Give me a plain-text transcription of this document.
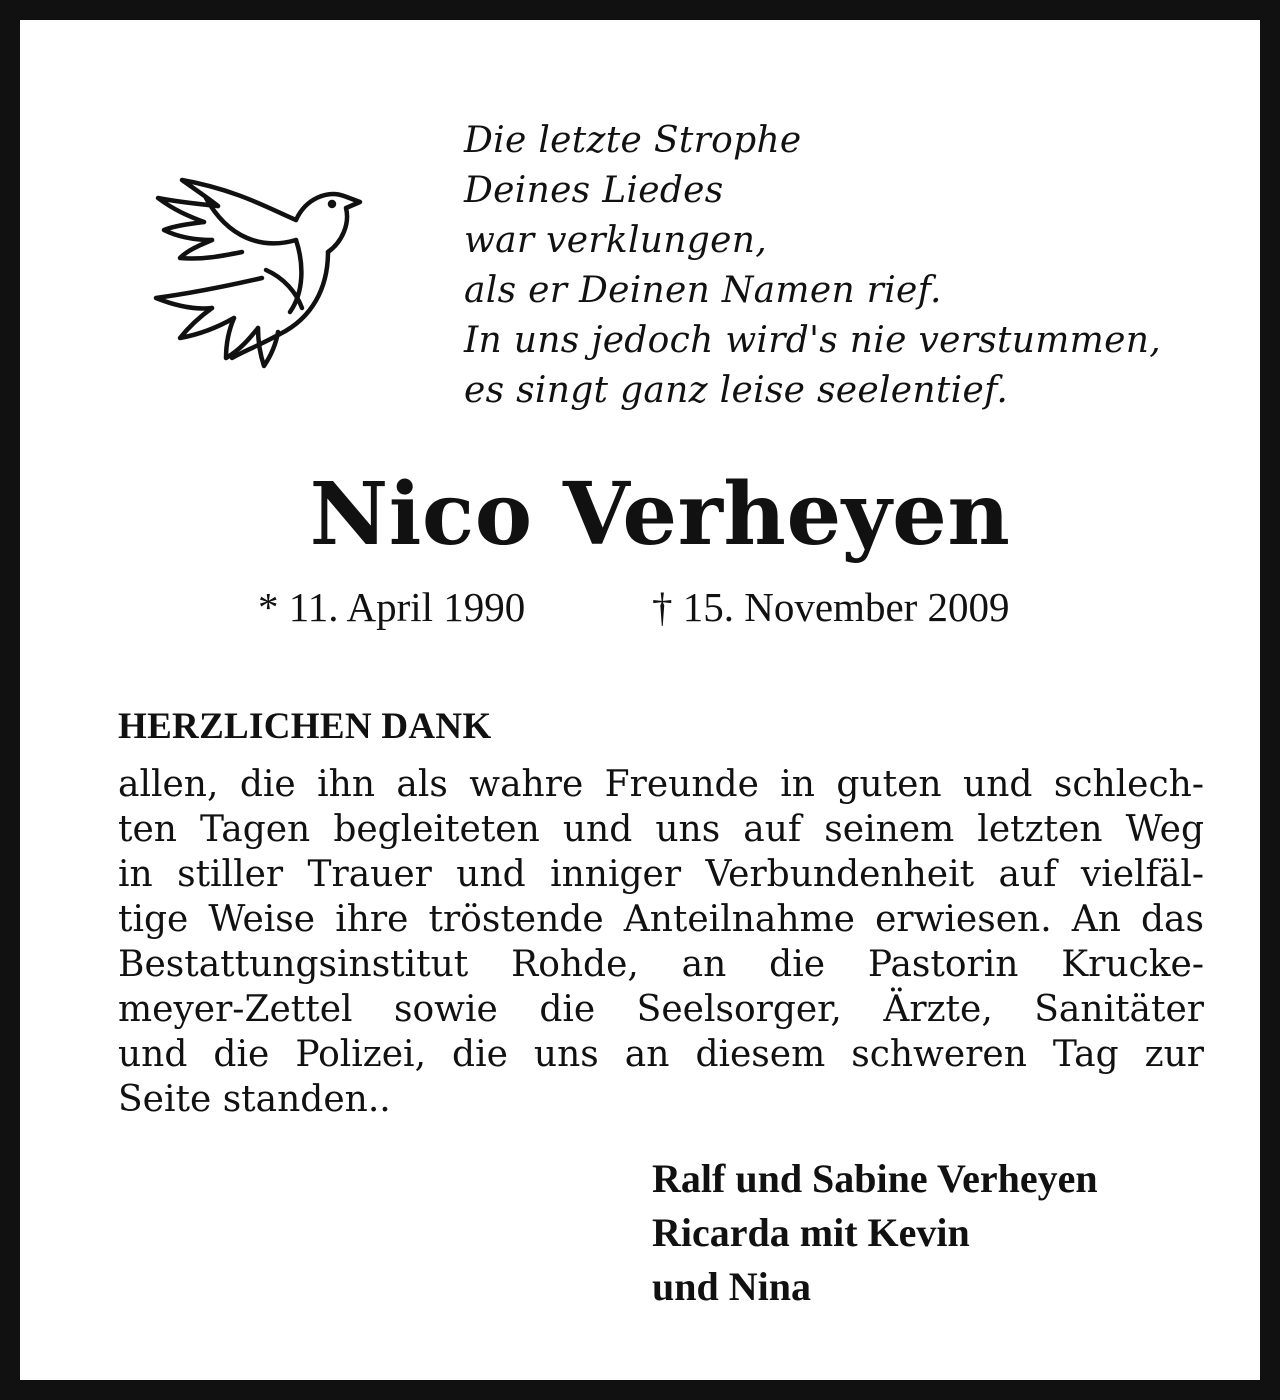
Die letzte Strophe
Deines Liedes
war verklungen,
als er Deinen Namen rief.
In uns jedoch wird's nie verstummen,
es singt ganz leise seelentief.
Nico Verheyen
* 11. April 1990	† 15. November 2009
HERZLICHEN DANK
allen, die ihn als wahre Freunde in guten und schlech-
ten Tagen begleiteten und uns auf seinem letzten Weg
in stiller Trauer und inniger Verbundenheit auf vielfäl-
tige Weise ihre tröstende Anteilnahme erwiesen. An das
Bestattungsinstitut Rohde, an die Pastorin Krucke-
meyer-Zettel sowie die Seelsorger, Ärzte, Sanitäter
und die Polizei, die uns an diesem schweren Tag zur
Seite standen..
Ralf und Sabine Verheyen
Ricarda mit Kevin
und Nina
